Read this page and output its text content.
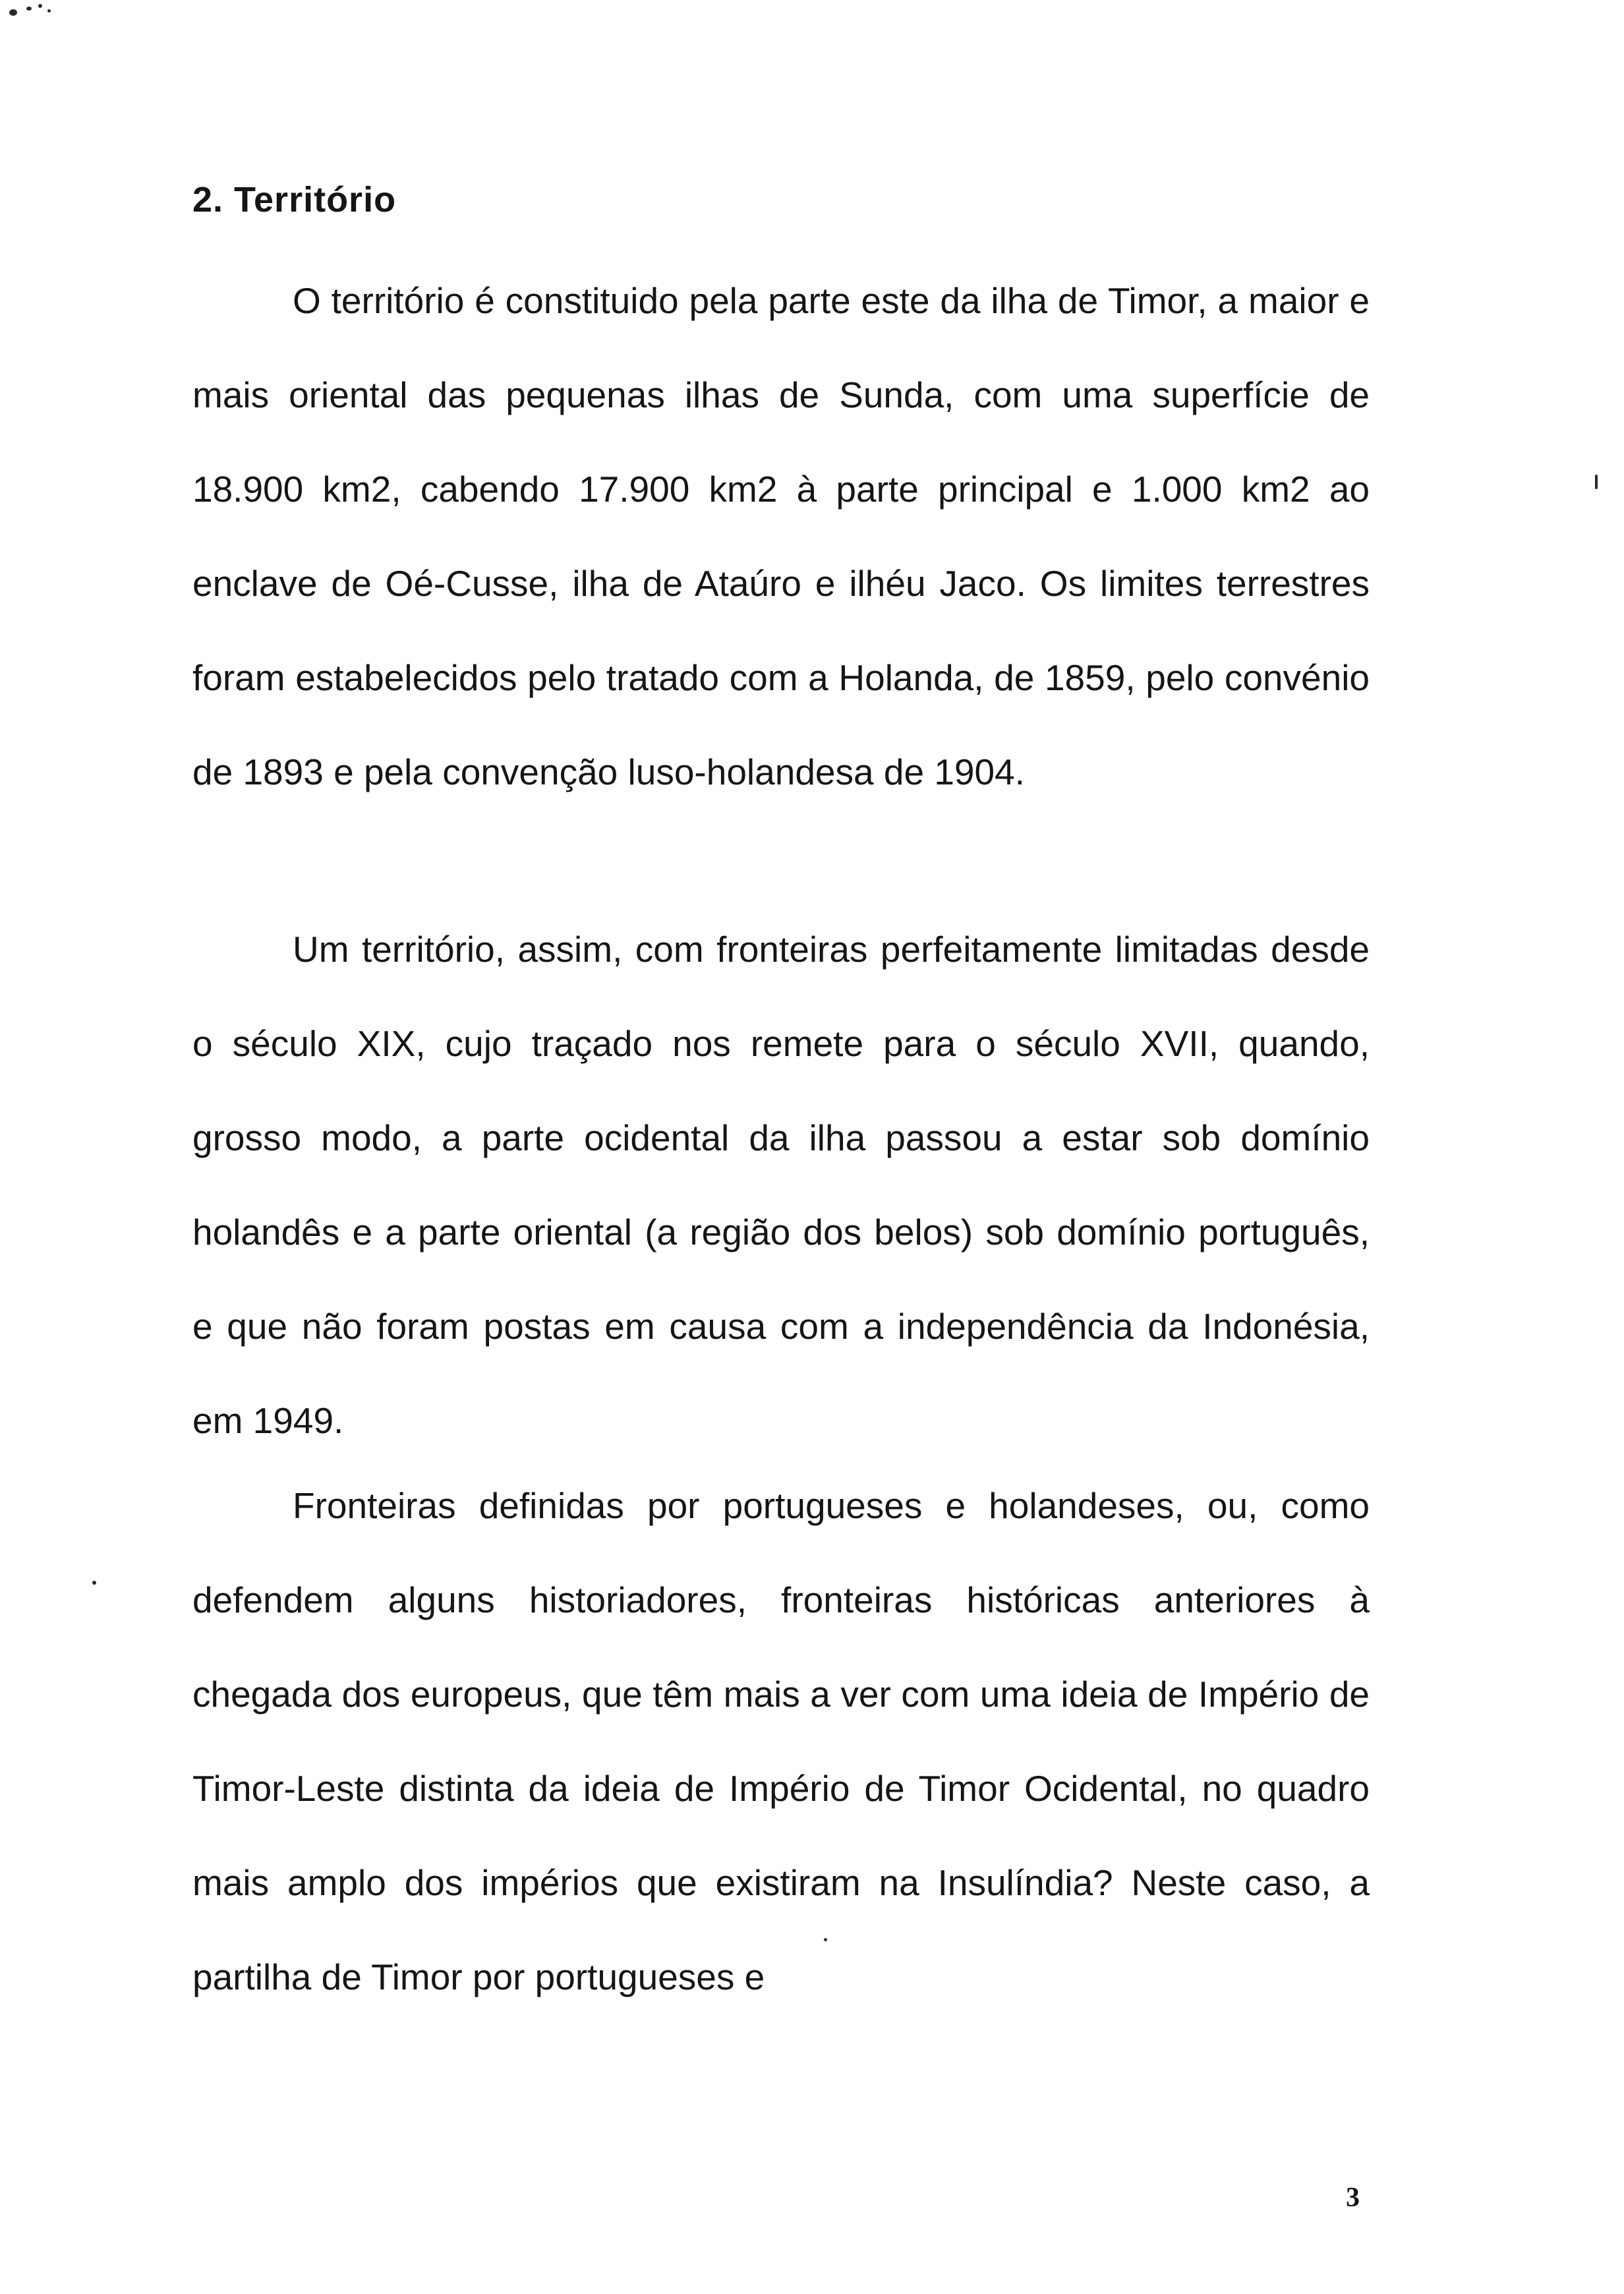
2. Território

O território é constituido pela parte este da ilha de Timor, a maior e mais oriental das pequenas ilhas de Sunda, com uma superfície de 18.900 km2, cabendo 17.900 km2 à parte principal e 1.000 km2 ao enclave de Oé-Cusse, ilha de Ataúro e ilhéu Jaco. Os limites terrestres foram estabelecidos pelo tratado com a Holanda, de 1859, pelo convénio de 1893 e pela convenção luso-holandesa de 1904.

Um território, assim, com fronteiras perfeitamente limitadas desde o século XIX, cujo traçado nos remete para o século XVII, quando, grosso modo, a parte ocidental da ilha passou a estar sob domínio holandês e a parte oriental (a região dos belos) sob domínio português, e que não foram postas em causa com a independência da Indonésia, em 1949.

Fronteiras definidas por portugueses e holandeses, ou, como defendem alguns historiadores, fronteiras históricas anteriores à chegada dos europeus, que têm mais a ver com uma ideia de Império de Timor-Leste distinta da ideia de Império de Timor Ocidental, no quadro mais amplo dos impérios que existiram na Insulíndia? Neste caso, a partilha de Timor por portugueses e

3
